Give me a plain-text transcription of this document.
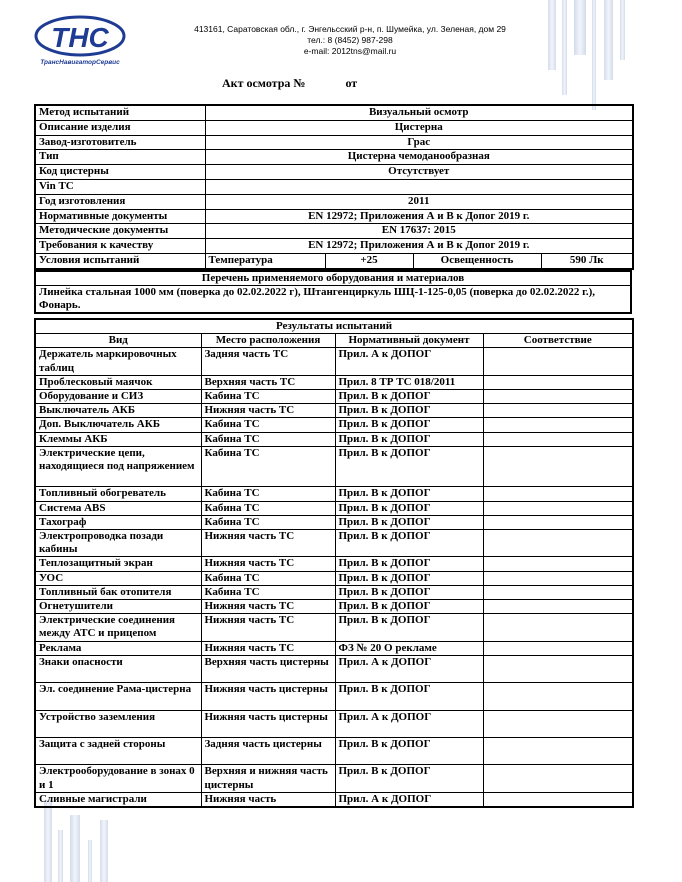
ТНС
ТрансНавигаторСервис
413161, Саратовская обл., г. Энгельсский р-н, п. Шумейка, ул. Зеленая, дом 29
тел.: 8 (8452) 987-298
e-mail: 2012tns@mail.ru
Акт осмотра №	от
Метод испытаний	Визуальный осмотр			
Описание изделия	Цистерна			
Завод-изготовитель	Грас			
Тип	Цистерна чемоданообразная			
Код цистерны	Отсутствует			
Vin ТС				
Год изготовления	2011			
Нормативные документы	EN 12972; Приложения А и В к Допог 2019 г.			
Методические документы	EN 17637: 2015			
Требования к качеству	EN 12972; Приложения А и В к Допог 2019 г.			
Условия испытаний	Температура	+25	Освещенность	590 Лк
Перечень применяемого оборудования и материалов
Линейка стальная 1000 мм (поверка до 02.02.2022 г), Штангенциркуль ШЦ-1-125-0,05 (поверка до 02.02.2022 г.), Фонарь.
Результаты испытаний			
Вид	Место расположения	Нормативный документ	Соответствие
Держатель маркировочных таблиц	Задняя часть ТС	Прил. А к ДОПОГ	
Проблесковый маячок	Верхняя часть ТС	Прил. 8 ТР ТС 018/2011	
Оборудование и СИЗ	Кабина ТС	Прил. В к ДОПОГ	
Выключатель АКБ	Нижняя часть ТС	Прил. В к ДОПОГ	
Доп. Выключатель АКБ	Кабина ТС	Прил. В к ДОПОГ	
Клеммы АКБ	Кабина ТС	Прил. В к ДОПОГ	
Электрические цепи, находящиеся под напряжением	Кабина ТС	Прил. В к ДОПОГ	
Топливный обогреватель	Кабина ТС	Прил. В к ДОПОГ	
Система ABS	Кабина ТС	Прил. В к ДОПОГ	
Тахограф	Кабина ТС	Прил. В к ДОПОГ	
Электропроводка позади кабины	Нижняя часть ТС	Прил. В к ДОПОГ	
Теплозащитный экран	Нижняя часть ТС	Прил. В к ДОПОГ	
УОС	Кабина ТС	Прил. В к ДОПОГ	
Топливный бак отопителя	Кабина ТС	Прил. В к ДОПОГ	
Огнетушители	Нижняя часть ТС	Прил. В к ДОПОГ	
Электрические соединения между АТС и прицепом	Нижняя часть ТС	Прил. В к ДОПОГ	
Реклама	Нижняя часть ТС	ФЗ № 20 О рекламе	
Знаки опасности	Верхняя часть цистерны	Прил. А к ДОПОГ	
Эл. соединение Рама-цистерна	Нижняя часть цистерны	Прил. В к ДОПОГ	
Устройство заземления	Нижняя часть цистерны	Прил. А к ДОПОГ	
Защита с задней стороны	Задняя часть цистерны	Прил. В к ДОПОГ	
Электрооборудование в зонах 0 и 1	Верхняя и нижняя часть цистерны	Прил. В к ДОПОГ	
Сливные магистрали	Нижняя часть	Прил. А к ДОПОГ	
